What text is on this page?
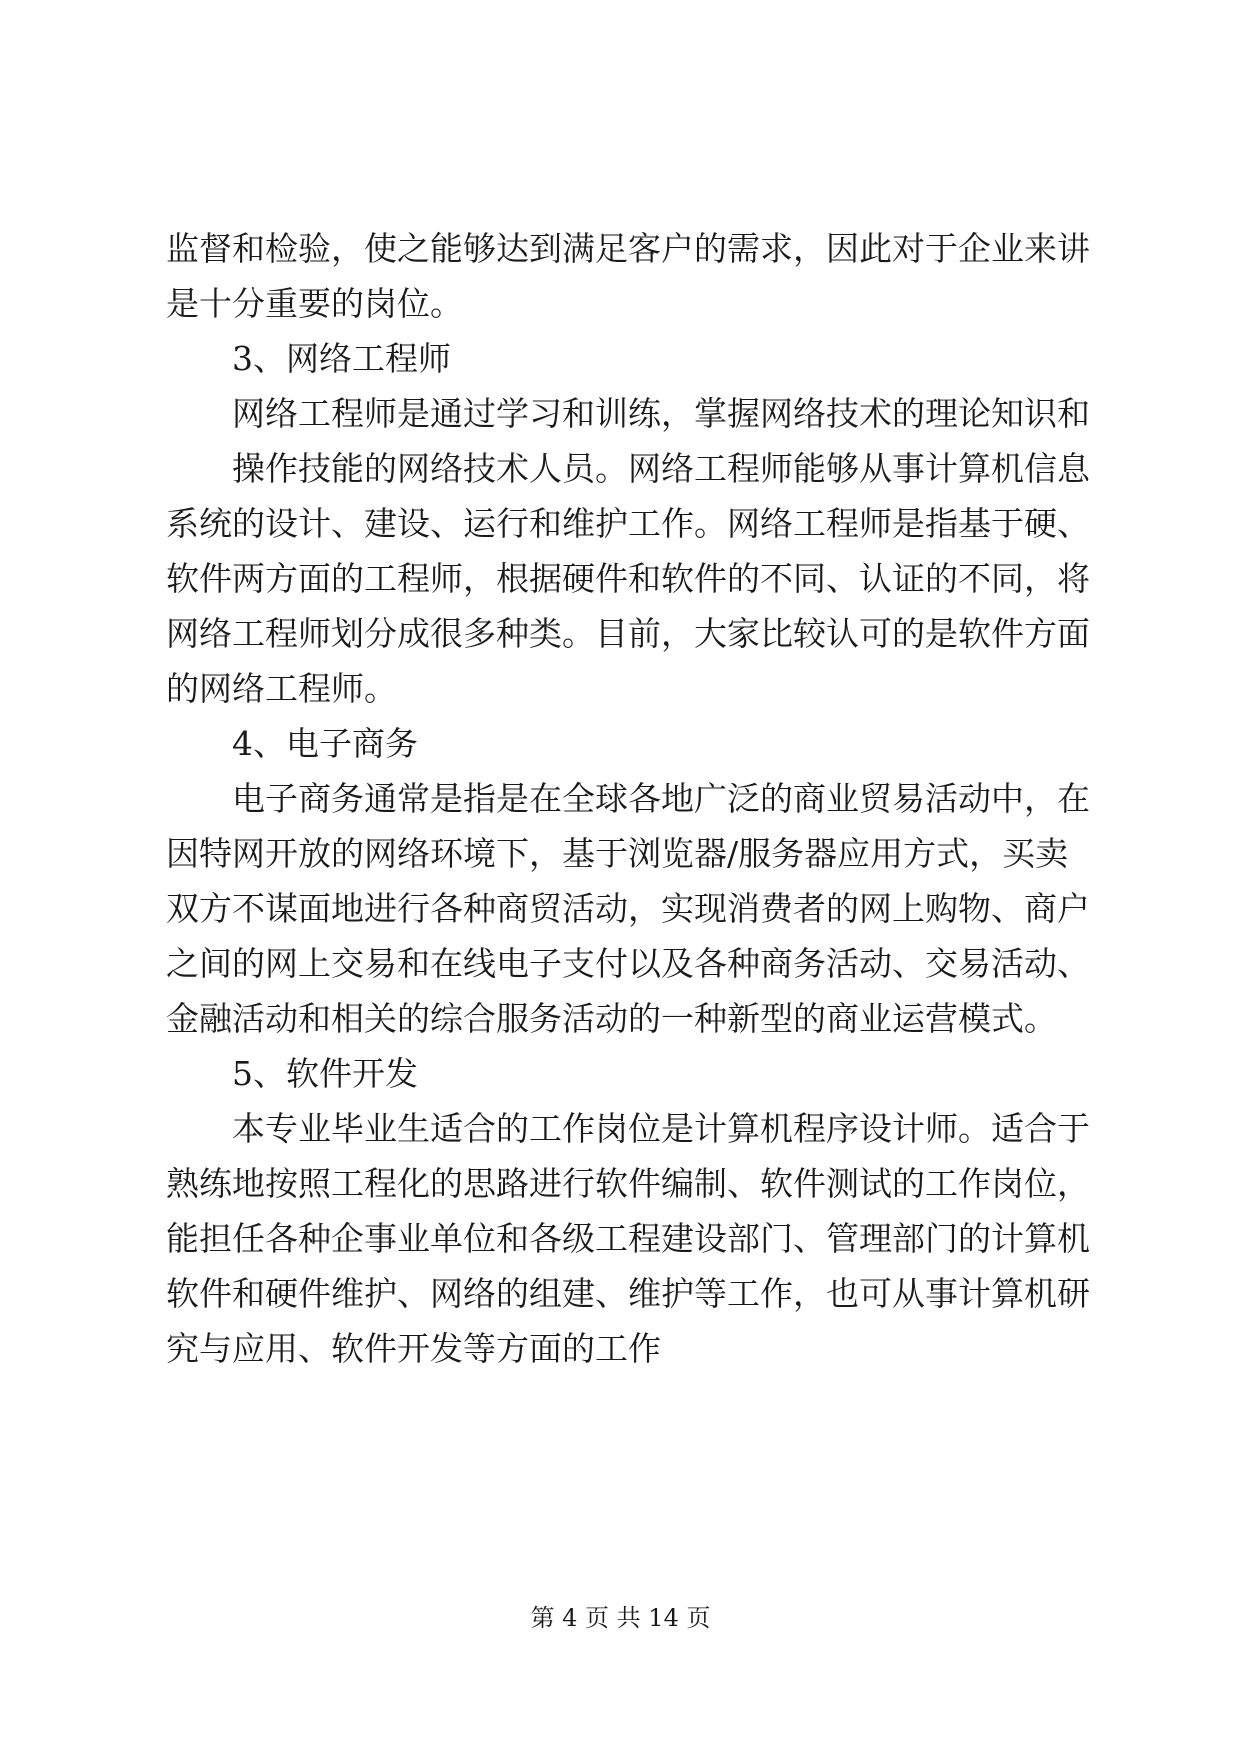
监督和检验，使之能够达到满足客户的需求，因此对于企业来讲
是十分重要的岗位。
3、网络工程师
网络工程师是通过学习和训练，掌握网络技术的理论知识和
操作技能的网络技术人员。网络工程师能够从事计算机信息
系统的设计、建设、运行和维护工作。网络工程师是指基于硬、
软件两方面的工程师，根据硬件和软件的不同、认证的不同，将
网络工程师划分成很多种类。目前，大家比较认可的是软件方面
的网络工程师。
4、电子商务
电子商务通常是指是在全球各地广泛的商业贸易活动中，在
因特网开放的网络环境下，基于浏览器/服务器应用方式，买卖
双方不谋面地进行各种商贸活动，实现消费者的网上购物、商户
之间的网上交易和在线电子支付以及各种商务活动、交易活动、
金融活动和相关的综合服务活动的一种新型的商业运营模式。
5、软件开发
本专业毕业生适合的工作岗位是计算机程序设计师。适合于
熟练地按照工程化的思路进行软件编制、软件测试的工作岗位，
能担任各种企事业单位和各级工程建设部门、管理部门的计算机
软件和硬件维护、网络的组建、维护等工作，也可从事计算机研
究与应用、软件开发等方面的工作
第 4 页 共 14 页
